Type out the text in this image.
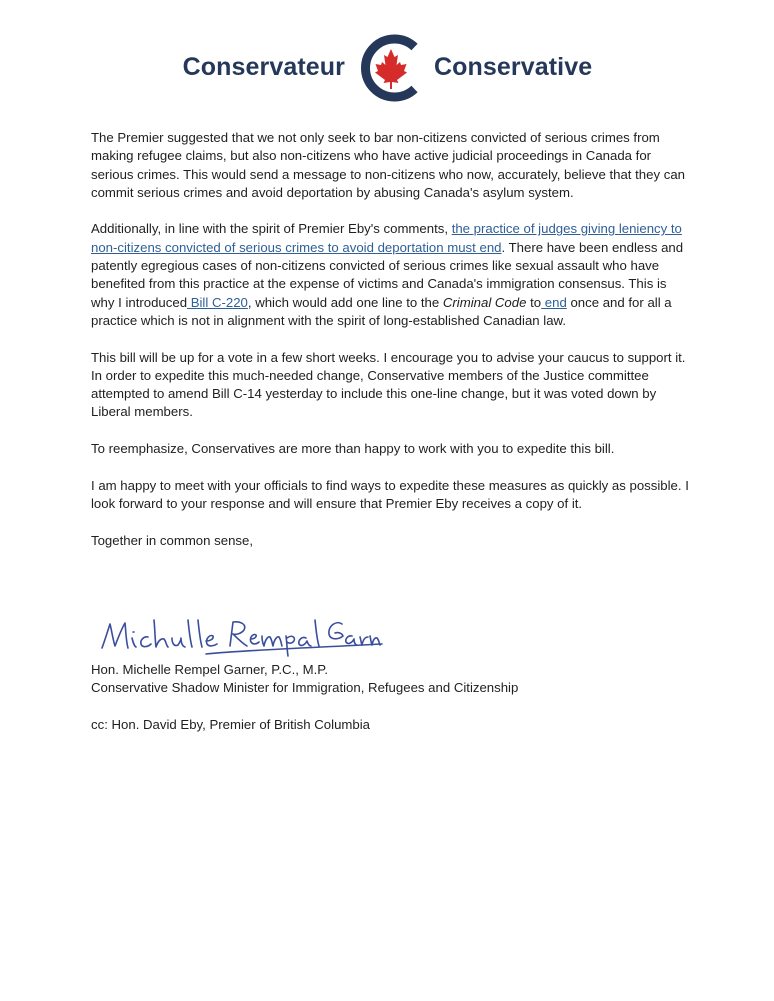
Conservateur	Conservative

The Premier suggested that we not only seek to bar non-citizens convicted of serious crimes from making refugee claims, but also non-citizens who have active judicial proceedings in Canada for serious crimes. This would send a message to non-citizens who now, accurately, believe that they can commit serious crimes and avoid deportation by abusing Canada's asylum system.

Additionally, in line with the spirit of Premier Eby's comments, the practice of judges giving leniency to non-citizens convicted of serious crimes to avoid deportation must end. There have been endless and patently egregious cases of non-citizens convicted of serious crimes like sexual assault who have benefited from this practice at the expense of victims and Canada's immigration consensus. This is why I introduced Bill C-220, which would add one line to the Criminal Code to end once and for all a practice which is not in alignment with the spirit of long-established Canadian law.

This bill will be up for a vote in a few short weeks. I encourage you to advise your caucus to support it. In order to expedite this much-needed change, Conservative members of the Justice committee attempted to amend Bill C-14 yesterday to include this one-line change, but it was voted down by Liberal members.

To reemphasize, Conservatives are more than happy to work with you to expedite this bill.

I am happy to meet with your officials to find ways to expedite these measures as quickly as possible. I look forward to your response and will ensure that Premier Eby receives a copy of it.

Together in common sense,

Hon. Michelle Rempel Garner, P.C., M.P.
Conservative Shadow Minister for Immigration, Refugees and Citizenship
cc: Hon. David Eby, Premier of British Columbia
